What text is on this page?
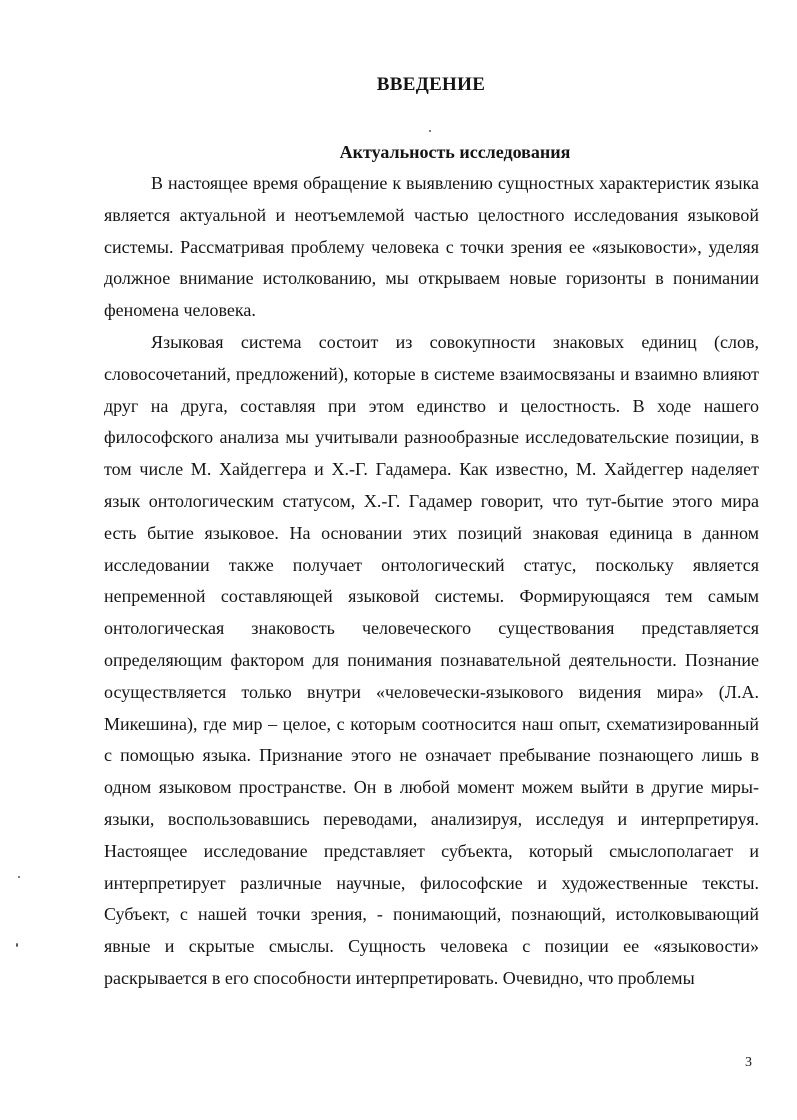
ВВЕДЕНИЕ
Актуальность исследования

В настоящее время обращение к выявлению сущностных характеристик языка является актуальной и неотъемлемой частью целостного исследования языковой системы. Рассматривая проблему человека с точки зрения ее «языковости», уделяя должное внимание истолкованию, мы открываем новые горизонты в понимании феномена человека.

Языковая система состоит из совокупности знаковых единиц (слов, словосочетаний, предложений), которые в системе взаимосвязаны и взаимно влияют друг на друга, составляя при этом единство и целостность. В ходе нашего философского анализа мы учитывали разнообразные исследовательские позиции, в том числе М. Хайдеггера и Х.-Г. Гадамера. Как известно, М. Хайдеггер наделяет язык онтологическим статусом, Х.-Г. Гадамер говорит, что тут-бытие этого мира есть бытие языковое. На основании этих позиций знаковая единица в данном исследовании также получает онтологический статус, поскольку является непременной составляющей языковой системы. Формирующаяся тем самым онтологическая знаковость человеческого существования представляется определяющим фактором для понимания познавательной деятельности. Познание осуществляется только внутри «человечески-языкового видения мира» (Л.А. Микешина), где мир – целое, с которым соотносится наш опыт, схематизированный с помощью языка. Признание этого не означает пребывание познающего лишь в одном языковом пространстве. Он в любой момент можем выйти в другие миры-языки, воспользовавшись переводами, анализируя, исследуя и интерпретируя. Настоящее исследование представляет субъекта, который смыслополагает и интерпретирует различные научные, философские и художественные тексты. Субъект, с нашей точки зрения, - понимающий, познающий, истолковывающий явные и скрытые смыслы. Сущность человека с позиции ее «языковости» раскрывается в его способности интерпретировать. Очевидно, что проблемы

3
